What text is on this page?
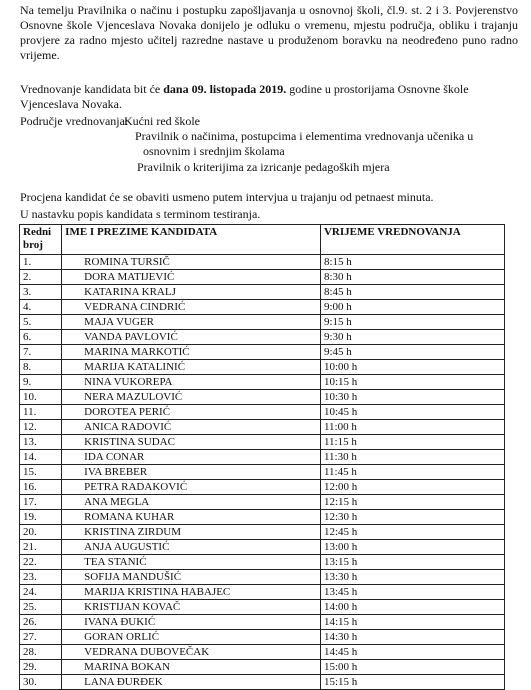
Na temelju Pravilnika o načinu i postupku zapošljavanja u osnovnoj školi, čl.9. st. 2 i 3. Povjerenstvo Osnovne škole Vjenceslava Novaka donijelo je odluku o vremenu, mjestu područja, obliku i trajanju provjere za radno mjesto učitelj razredne nastave u produženom boravku na neodređeno puno radno vrijeme.

Vrednovanje kandidata bit će dana 09. listopada 2019. godine u prostorijama Osnovne škole Vjenceslava Novaka.

Područje vrednovanja:

Kućni red škole

Pravilnik o načinima, postupcima i elementima vrednovanja učenika u

osnovnim i srednjim školama

Pravilnik o kriterijima za izricanje pedagoških mjera

Procjena kandidat će se obaviti usmeno putem intervjua u trajanju od petnaest minuta.

U nastavku popis kandidata s terminom testiranja.

Redni broj	IME I PREZIME KANDIDATA	VRIJEME VREDNOVANJA
1.	ROMINA TURSIČ	8:15 h
2.	DORA MATIJEVIĆ	8:30 h
3.	KATARINA KRALJ	8:45 h
4.	VEDRANA CINDRIĆ	9:00 h
5.	MAJA VUGER	9:15 h
6.	VANDA PAVLOVIĆ	9:30 h
7.	MARINA MARKOTIĆ	9:45 h
8.	MARIJA KATALINIĆ	10:00 h
9.	NINA VUKOREPA	10:15 h
10.	NERA MAZULOVIĆ	10:30 h
11.	DOROTEA PERIĆ	10:45 h
12.	ANICA RADOVIĆ	11:00 h
13.	KRISTINA SUDAC	11:15 h
14.	IDA CONAR	11:30 h
15.	IVA BREBER	11:45 h
16.	PETRA RADAKOVIĆ	12:00 h
17.	ANA MEGLA	12:15 h
19.	ROMANA KUHAR	12:30 h
20.	KRISTINA ZIRDUM	12:45 h
21.	ANJA AUGUSTIĆ	13:00 h
22.	TEA STANIĆ	13:15 h
23.	SOFIJA MANDUŠIĆ	13:30 h
24.	MARIJA KRISTINA HABAJEC	13:45 h
25.	KRISTIJAN KOVAČ	14:00 h
26.	IVANA ĐUKIĆ	14:15 h
27.	GORAN ORLIĆ	14:30 h
28.	VEDRANA DUBOVEČAK	14:45 h
29.	MARINA BOKAN	15:00 h
30.	LANA ĐURĐEK	15:15 h
